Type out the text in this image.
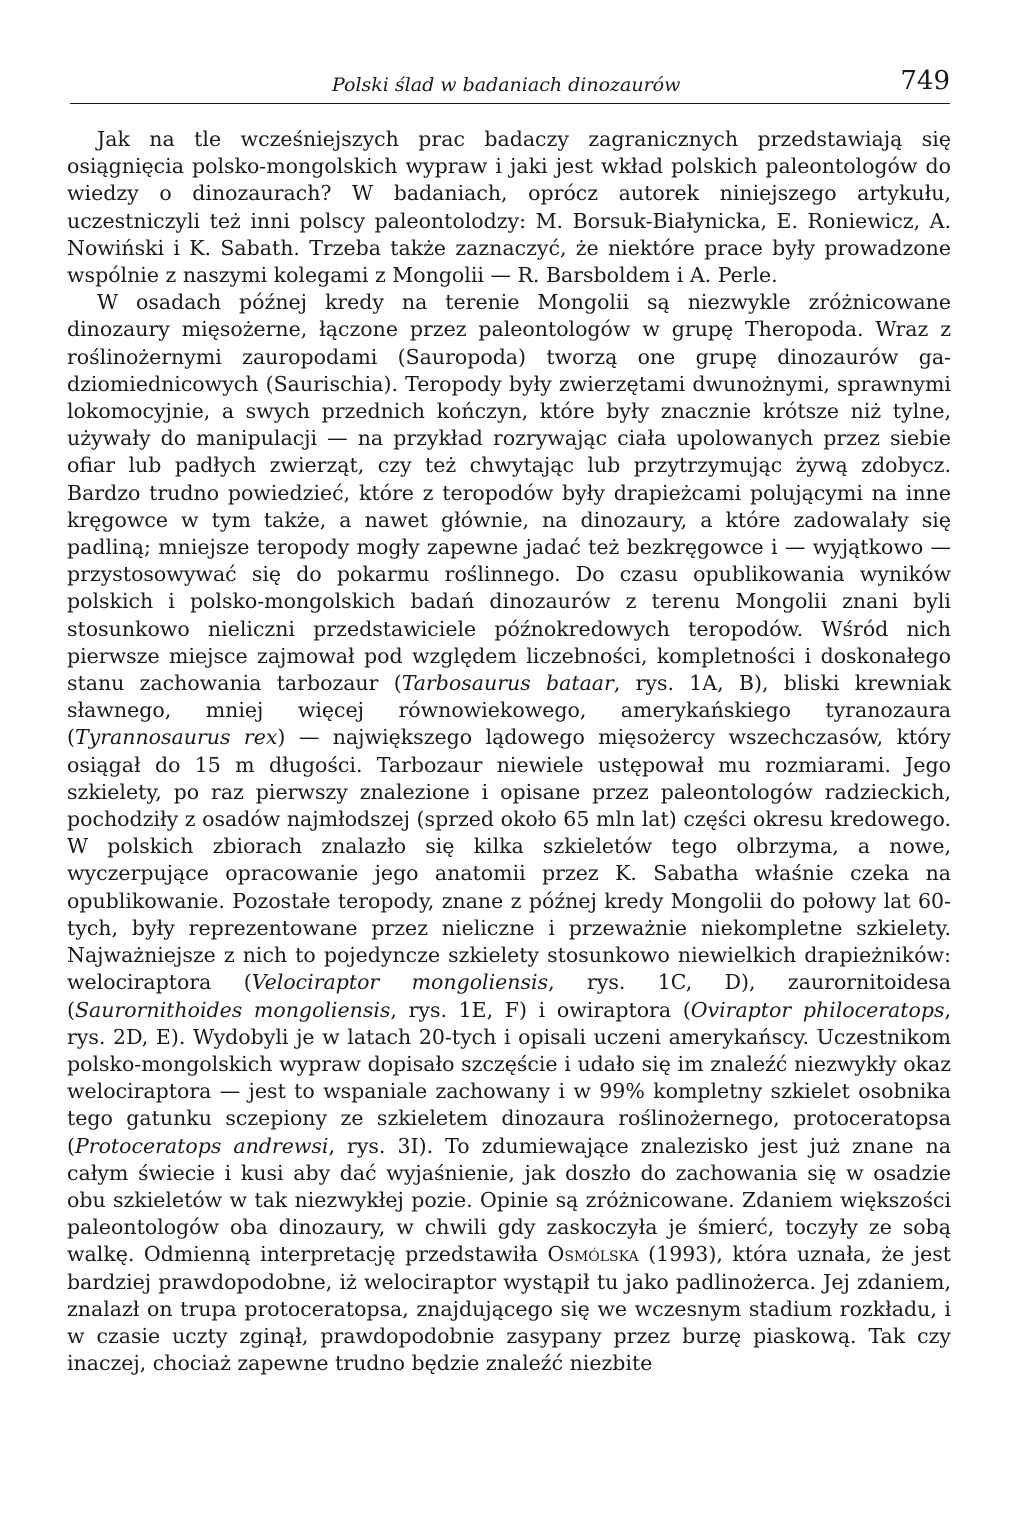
Polski ślad w badaniach dinozaurów	749

Jak na tle wcześniejszych prac badaczy zagranicznych przedstawiają się osiągnięcia polsko-mongolskich wypraw i jaki jest wkład polskich paleontologów do wiedzy o dinozaurach? W badaniach, oprócz autorek niniejszego artykułu, uczestniczyli też inni polscy paleontolodzy: M. Borsuk-Białynicka, E. Roniewicz, A. Nowiński i K. Sabath. Trzeba także zaznaczyć, że niektóre prace były prowadzone wspólnie z naszymi kolegami z Mongolii — R. Barsboldem i A. Perle.

W osadach późnej kredy na terenie Mongolii są niezwykle zróżnicowane dinozaury mięsożerne, łączone przez paleontologów w grupę Theropoda. Wraz z roślinożernymi zauropodami (Sauropoda) tworzą one grupę dinozaurów gadziomiednicowych (Saurischia). Teropody były zwierzętami dwunożnymi, sprawnymi lokomocyjnie, a swych przednich kończyn, które były znacznie krótsze niż tylne, używały do manipulacji — na przykład rozrywając ciała upolowanych przez siebie ofiar lub padłych zwierząt, czy też chwytając lub przytrzymując żywą zdobycz. Bardzo trudno powiedzieć, które z teropodów były drapieżcami polującymi na inne kręgowce w tym także, a nawet głównie, na dinozaury, a które zadowalały się padliną; mniejsze teropody mogły zapewne jadać też bezkręgowce i — wyjątkowo — przystosowywać się do pokarmu roślinnego. Do czasu opublikowania wyników polskich i polsko-mongolskich badań dinozaurów z terenu Mongolii znani byli stosunkowo nieliczni przedstawiciele późnokredowych teropodów. Wśród nich pierwsze miejsce zajmował pod względem liczebności, kompletności i doskonałego stanu zachowania tarbozaur (Tarbosaurus bataar, rys. 1A, B), bliski krewniak sławnego, mniej więcej równowiekowego, amerykańskiego tyranozaura (Tyrannosaurus rex) — największego lądowego mięsożercy wszechczasów, który osiągał do 15 m długości. Tarbozaur niewiele ustępował mu rozmiarami. Jego szkielety, po raz pierwszy znalezione i opisane przez paleontologów radzieckich, pochodziły z osadów najmłodszej (sprzed około 65 mln lat) części okresu kredowego. W polskich zbiorach znalazło się kilka szkieletów tego olbrzyma, a nowe, wyczerpujące opracowanie jego anatomii przez K. Sabatha właśnie czeka na opublikowanie. Pozostałe teropody, znane z późnej kredy Mongolii do połowy lat 60-tych, były reprezentowane przez nieliczne i przeważnie niekompletne szkielety. Najważniejsze z nich to pojedyncze szkielety stosunkowo niewielkich drapieżników: welociraptora (Velociraptor mongoliensis, rys. 1C, D), zaurornitoidesa (Saurornithoides mongoliensis, rys. 1E, F) i owiraptora (Oviraptor philoceratops, rys. 2D, E). Wydobyli je w latach 20-tych i opisali uczeni amerykańscy. Uczestnikom polsko-mongolskich wypraw dopisało szczęście i udało się im znaleźć niezwykły okaz welociraptora — jest to wspaniale zachowany i w 99% kompletny szkielet osobnika tego gatunku sczepiony ze szkieletem dinozaura roślinożernego, protoceratopsa (Protoceratops andrewsi, rys. 3I). To zdumiewające znalezisko jest już znane na całym świecie i kusi aby dać wyjaśnienie, jak doszło do zachowania się w osadzie obu szkieletów w tak niezwykłej pozie. Opinie są zróżnicowane. Zdaniem większości paleontologów oba dinozaury, w chwili gdy zaskoczyła je śmierć, toczyły ze sobą walkę. Odmienną interpretację przedstawiła Osmólska (1993), która uznała, że jest bardziej prawdopodobne, iż welociraptor wystąpił tu jako padlinożerca. Jej zdaniem, znalazł on trupa protoceratopsa, znajdującego się we wczesnym stadium rozkładu, i w czasie uczty zginął, prawdopodobnie zasypany przez burzę piaskową. Tak czy inaczej, chociaż zapewne trudno będzie znaleźć niezbite
